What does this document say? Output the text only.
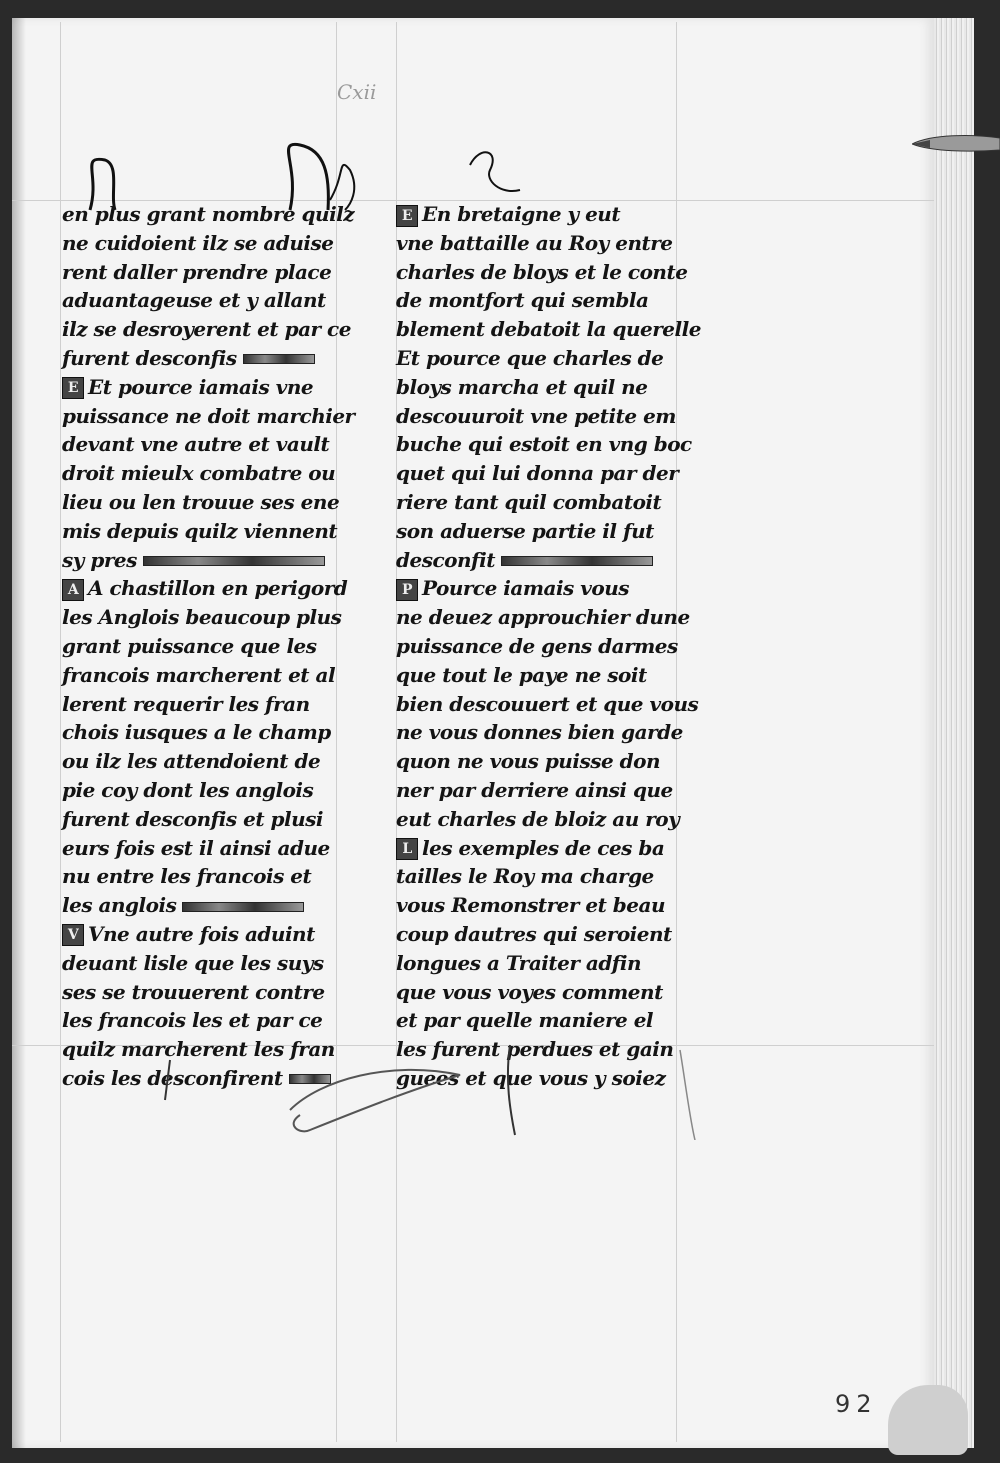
Cxii
en plus grant nombre quilz
ne cuidoient ilz se aduise
rent daller prendre place
aduantageuse et y allant
ilz se desroyerent et par ce
furent desconfis
E Et pource iamais vne
puissance ne doit marchier
devant vne autre et vault
droit mieulx combatre ou
lieu ou len trouue ses ene
mis depuis quilz viennent
sy pres
A A chastillon en perigord
les Anglois beaucoup plus
grant puissance que les
francois marcherent et al
lerent requerir les fran
chois iusques a le champ
ou ilz les attendoient de
pie coy dont les anglois
furent desconfis et plusi
eurs fois est il ainsi adue
nu entre les francois et
les anglois
V Vne autre fois aduint
deuant lisle que les suys
ses se trouuerent contre
les francois les et par ce
quilz marcherent les fran
cois les desconfirent
E En bretaigne y eut
vne battaille au Roy entre
charles de bloys et le conte
de montfort qui sembla
blement debatoit la querelle
Et pource que charles de
bloys marcha et quil ne
descouuroit vne petite em
buche qui estoit en vng boc
quet qui lui donna par der
riere tant quil combatoit
son aduerse partie il fut
desconfit
P Pource iamais vous
ne deuez approuchier dune
puissance de gens darmes
que tout le paye ne soit
bien descouuert et que vous
ne vous donnes bien garde
quon ne vous puisse don
ner par derriere ainsi que
eut charles de bloiz au roy
L les exemples de ces ba
tailles le Roy ma charge
vous Remonstrer et beau
coup dautres qui seroient
longues a Traiter adfin
que vous voyes comment
et par quelle maniere el
les furent perdues et gain
guees et que vous y soiez
92
